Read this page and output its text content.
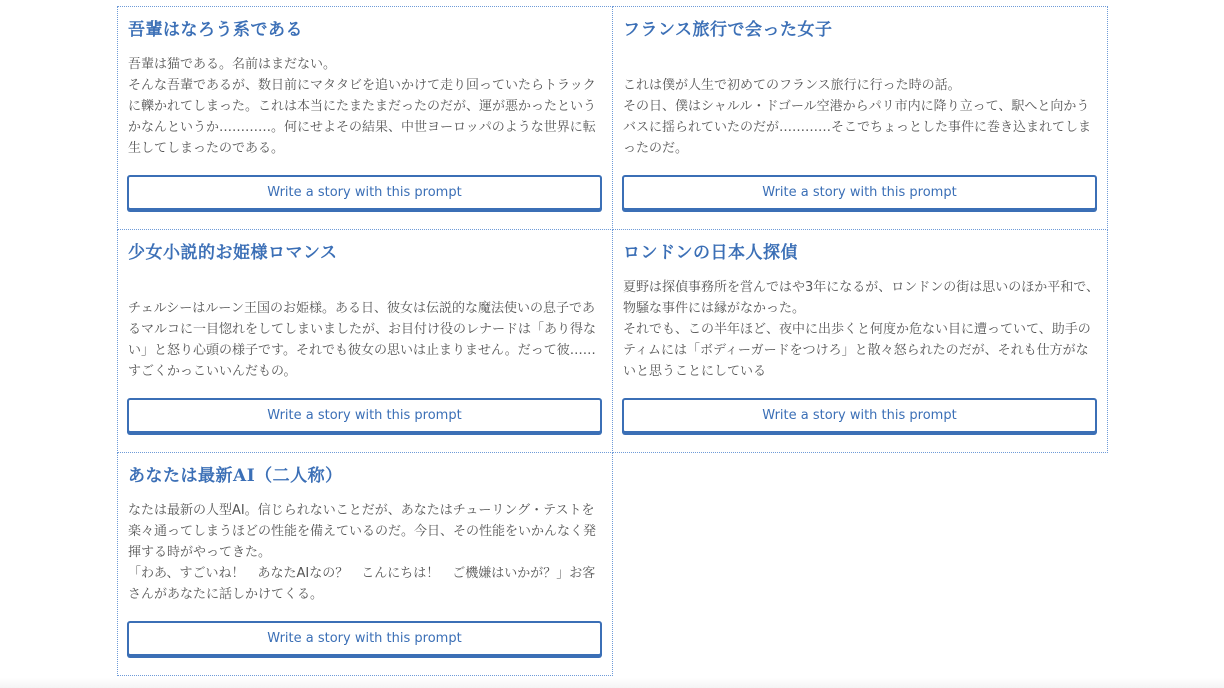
吾輩はなろう系である

吾輩は猫である。名前はまだない。
そんな吾輩であるが、数日前にマタタビを追いかけて走り回っていたらトラックに轢かれてしまった。これは本当にたまたまだったのだが、運が悪かったというかなんというか…………。何にせよその結果、中世ヨーロッパのような世界に転生してしまったのである。

Write a story with this prompt
フランス旅行で会った女子

これは僕が人生で初めてのフランス旅行に行った時の話。
その日、僕はシャルル・ドゴール空港からパリ市内に降り立って、駅へと向かうバスに揺られていたのだが…………そこでちょっとした事件に巻き込まれてしまったのだ。

Write a story with this prompt
少女小説的お姫様ロマンス

チェルシーはルーン王国のお姫様。ある日、彼女は伝説的な魔法使いの息子であるマルコに一目惚れをしてしまいましたが、お目付け役のレナードは「あり得ない」と怒り心頭の様子です。それでも彼女の思いは止まりません。だって彼……すごくかっこいいんだもの。

Write a story with this prompt
ロンドンの日本人探偵

夏野は探偵事務所を営んではや3年になるが、ロンドンの街は思いのほか平和で、物騒な事件には縁がなかった。
それでも、この半年ほど、夜中に出歩くと何度か危ない目に遭っていて、助手のティムには「ボディーガードをつけろ」と散々怒られたのだが、それも仕方がないと思うことにしている

Write a story with this prompt
あなたは最新AI（二人称）

なたは最新の人型AI。信じられないことだが、あなたはチューリング・テストを楽々通ってしまうほどの性能を備えているのだ。今日、その性能をいかんなく発揮する時がやってきた。
「わあ、すごいね！　あなたAIなの？　こんにちは！　ご機嫌はいかが？」お客さんがあなたに話しかけてくる。

Write a story with this prompt
